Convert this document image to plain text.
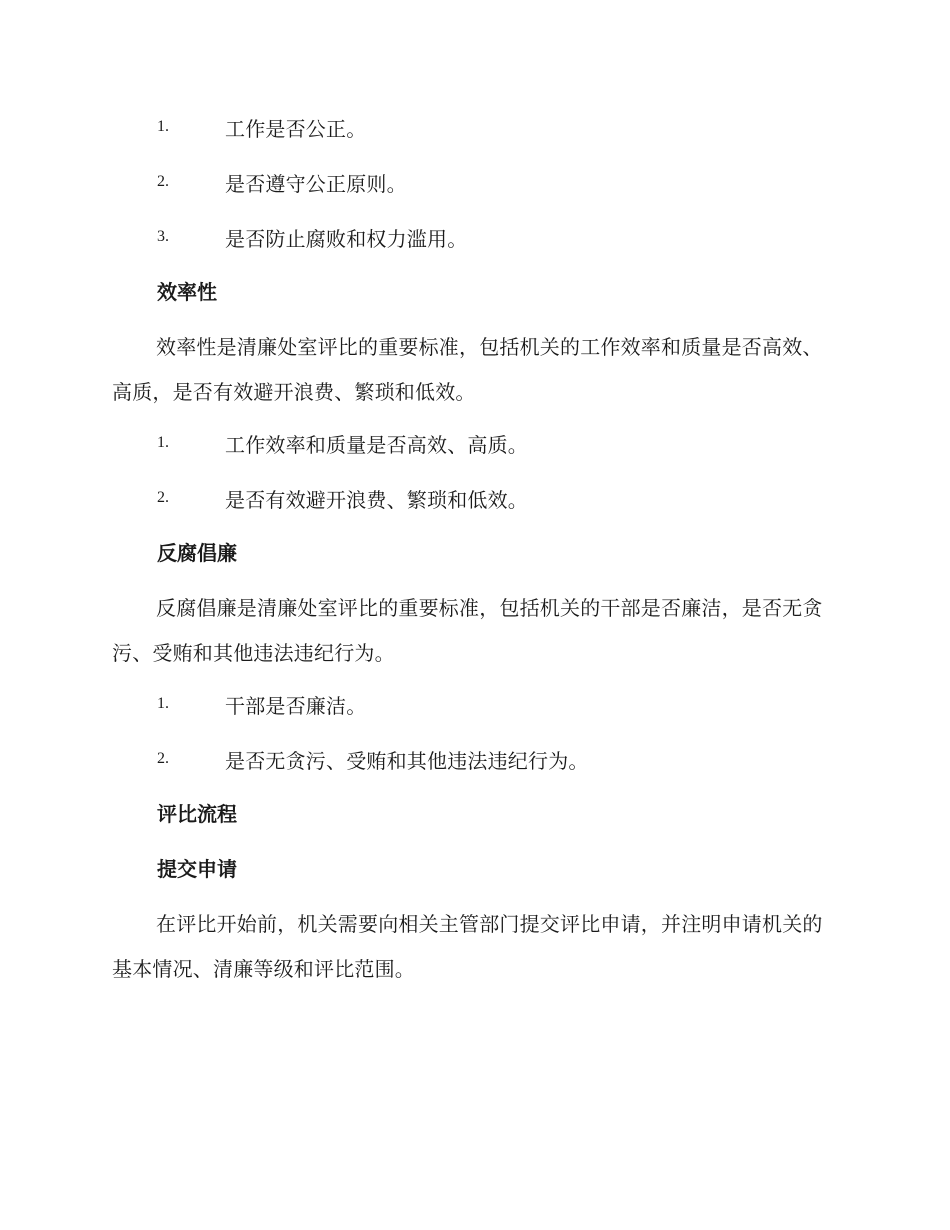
1.	工作是否公正。
2.	是否遵守公正原则。
3.	是否防止腐败和权力滥用。
效率性

效率性是清廉处室评比的重要标准，包括机关的工作效率和质量是否高效、高质，是否有效避开浪费、繁琐和低效。

1.	工作效率和质量是否高效、高质。
2.	是否有效避开浪费、繁琐和低效。
反腐倡廉

反腐倡廉是清廉处室评比的重要标准，包括机关的干部是否廉洁，是否无贪污、受贿和其他违法违纪行为。

1.	干部是否廉洁。
2.	是否无贪污、受贿和其他违法违纪行为。
评比流程
提交申请

在评比开始前，机关需要向相关主管部门提交评比申请，并注明申请机关的基本情况、清廉等级和评比范围。
